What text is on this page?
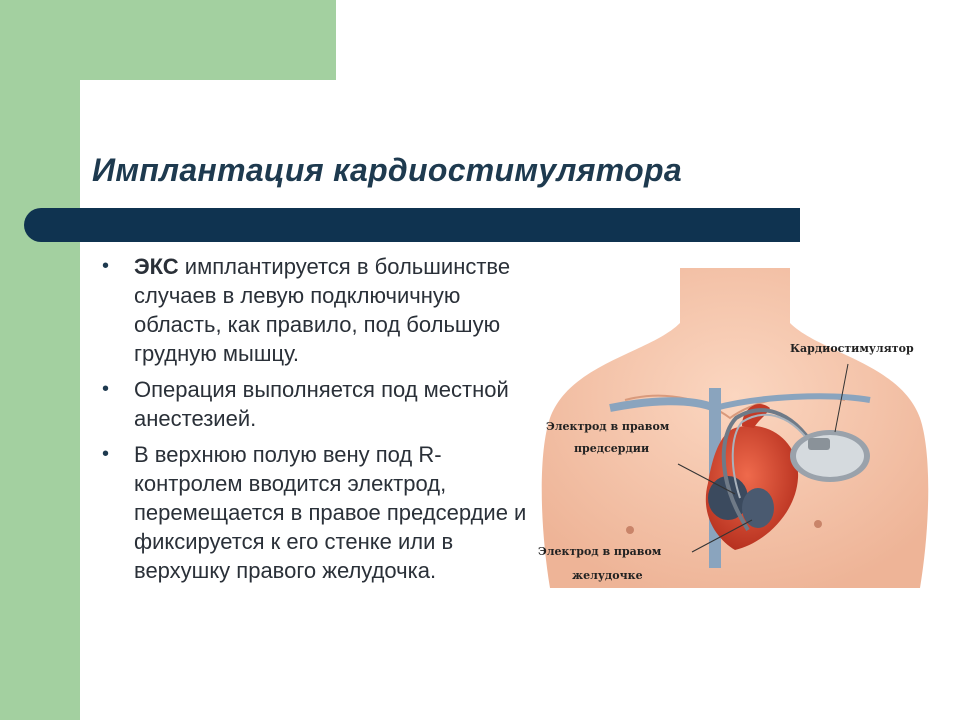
Имплантация кардиостимулятора
• ЭКС имплантируется в большинстве случаев в левую подключичную область, как правило, под большую грудную мышцу.
• Операция выполняется под местной анестезией.
• В верхнюю полую вену под R-контролем вводится электрод, перемещается в правое предсердие и фиксируется к его стенке или в верхушку правого желудочка.
Кардиостимулятор
Электрод в правом
предсердии
Электрод в правом
желудочке
